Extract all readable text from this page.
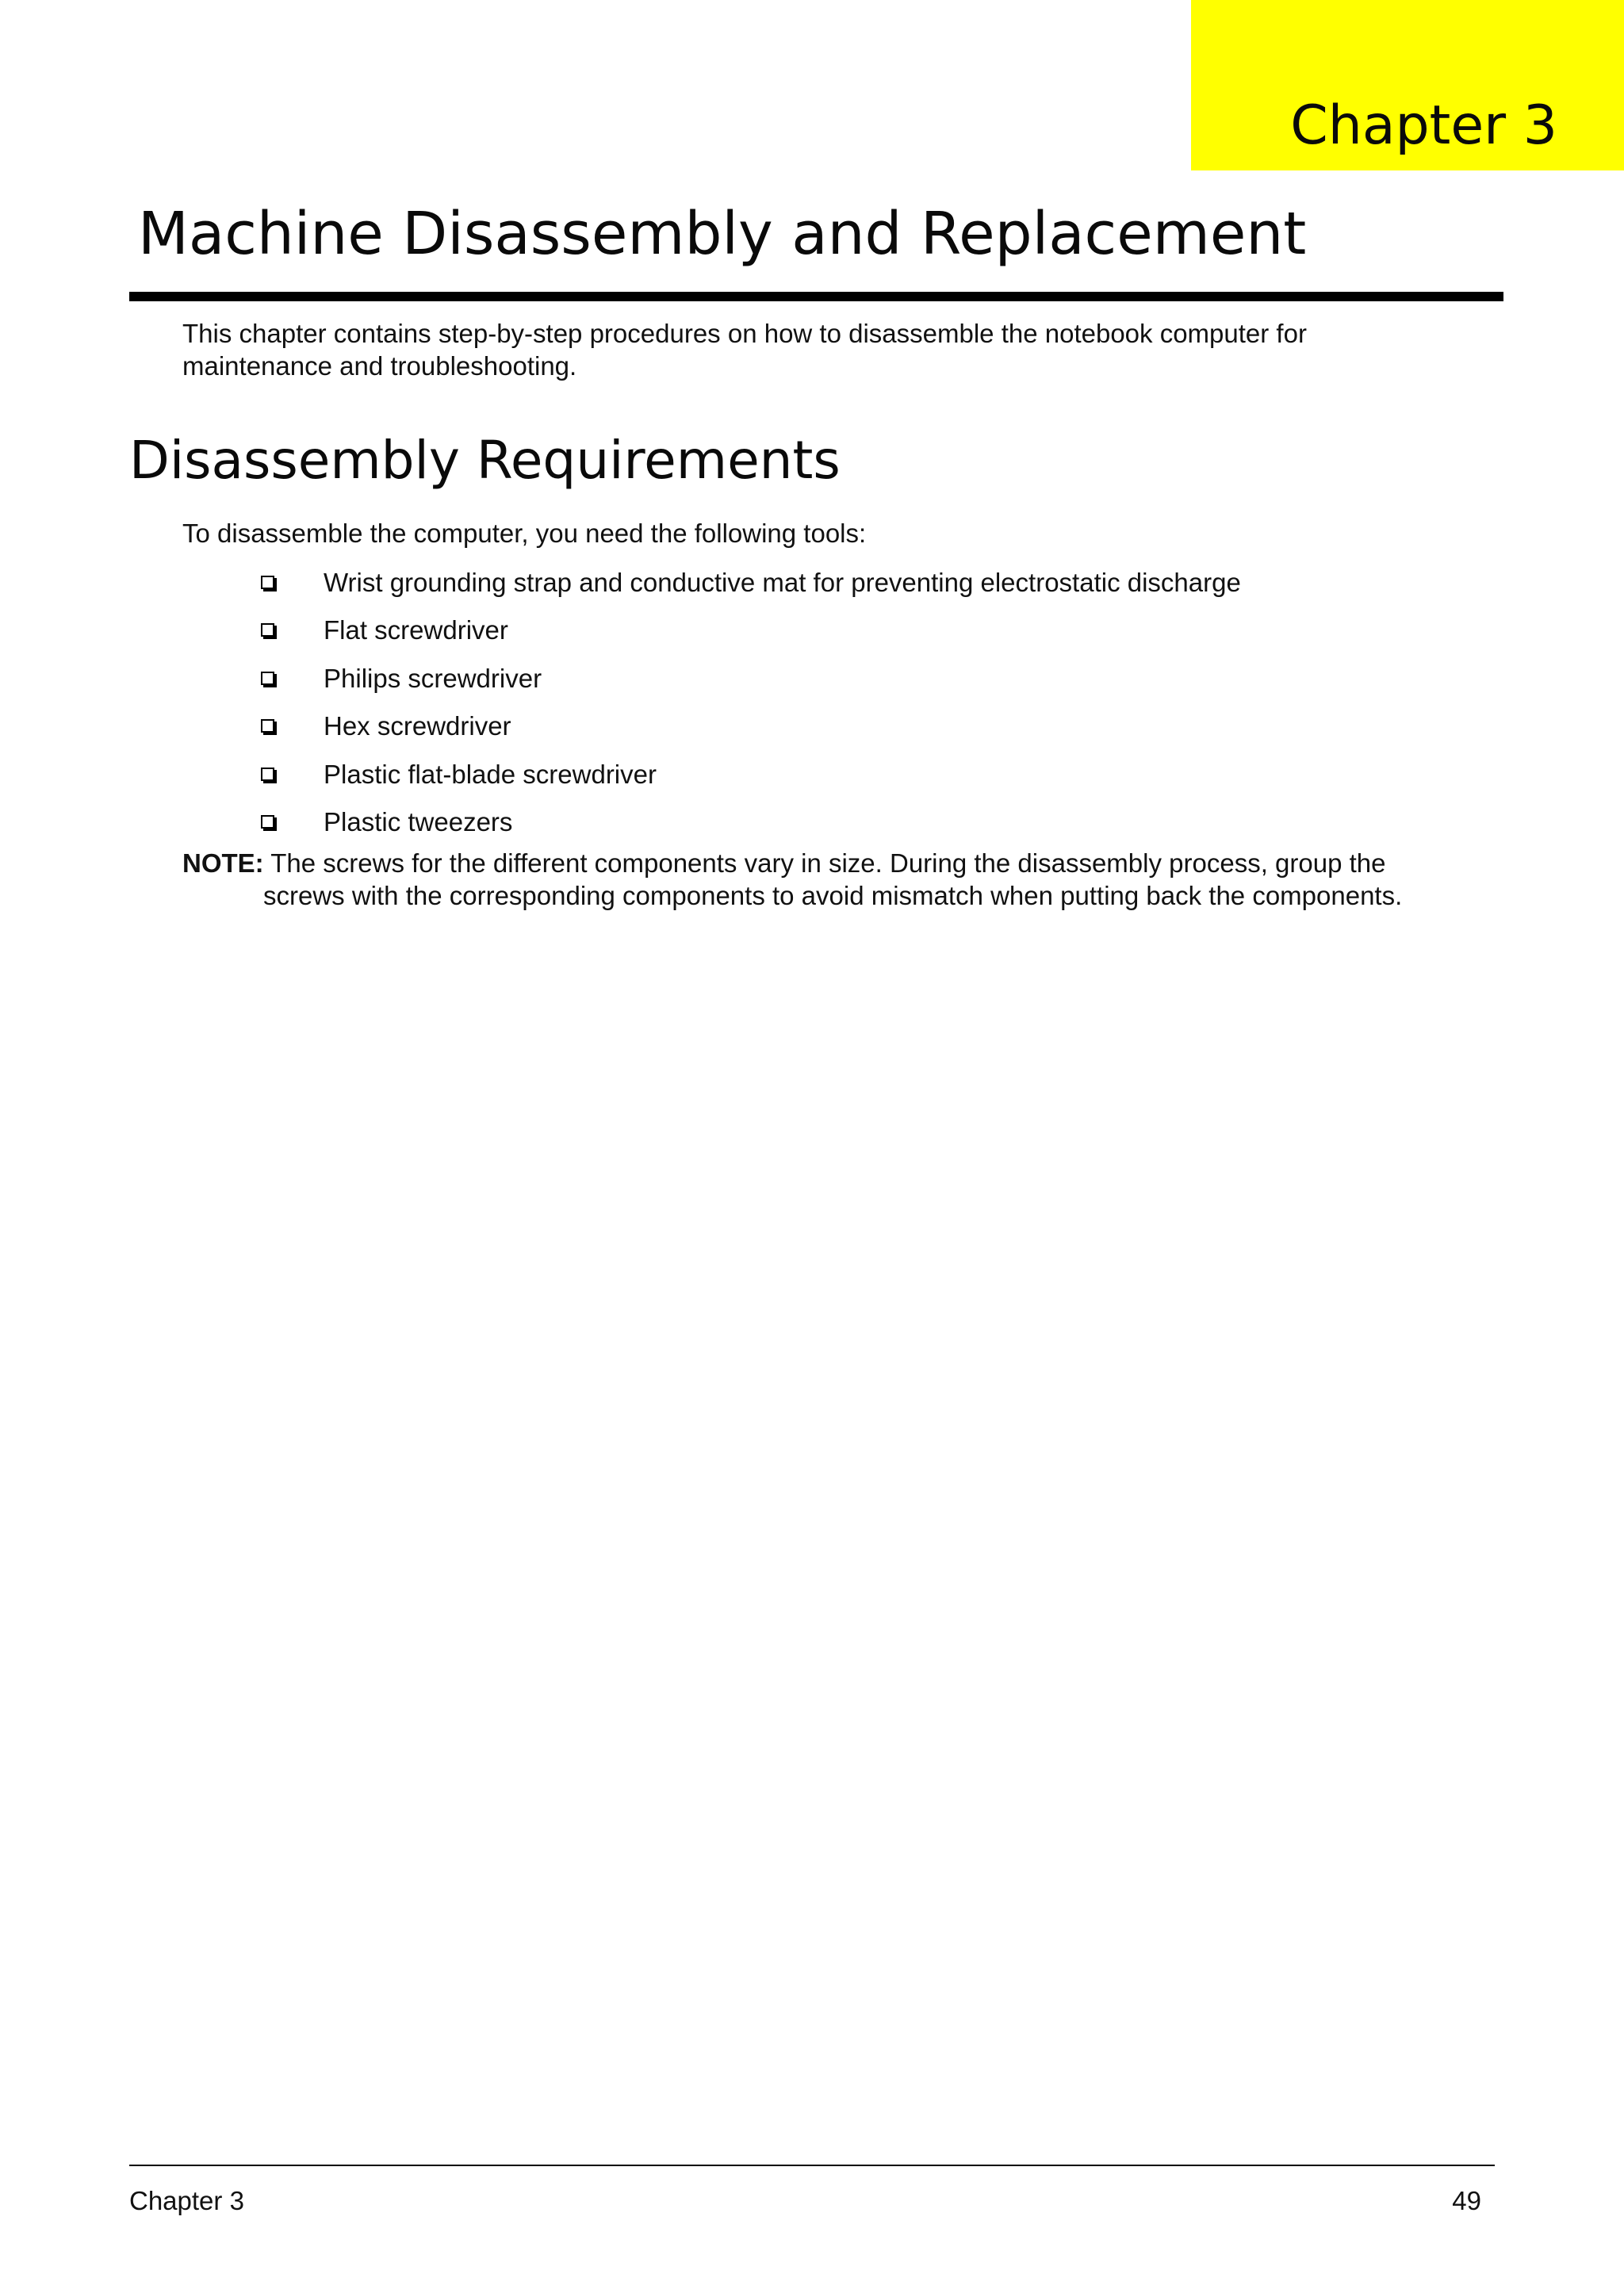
Chapter 3
Machine Disassembly and Replacement

This chapter contains step-by-step procedures on how to disassemble the notebook computer for
maintenance and troubleshooting.

Disassembly Requirements

To disassemble the computer, you need the following tools:

Wrist grounding strap and conductive mat for preventing electrostatic discharge
Flat screwdriver
Philips screwdriver
Hex screwdriver
Plastic flat-blade screwdriver
Plastic tweezers

NOTE: The screws for the different components vary in size. During the disassembly process, group the
screws with the corresponding components to avoid mismatch when putting back the components.

Chapter 3	49
